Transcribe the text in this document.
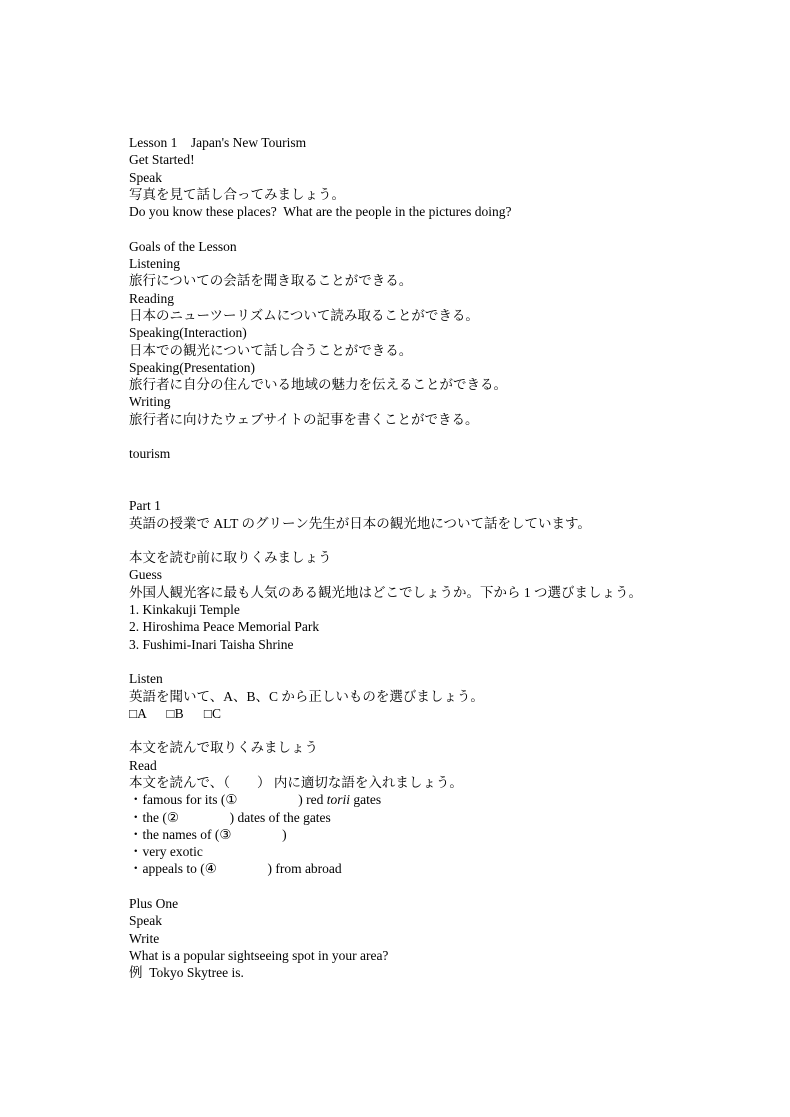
Lesson 1　Japan's New Tourism
Get Started!
Speak
写真を見て話し合ってみましょう。
Do you know these places?  What are the people in the pictures doing?
Goals of the Lesson
Listening
旅行についての会話を聞き取ることができる。
Reading
日本のニューツーリズムについて読み取ることができる。
Speaking(Interaction)
日本での観光について話し合うことができる。
Speaking(Presentation)
旅行者に自分の住んでいる地域の魅力を伝えることができる。
Writing
旅行者に向けたウェブサイトの記事を書くことができる。
tourism
Part 1
英語の授業で ALT のグリーン先生が日本の観光地について話をしています。
本文を読む前に取りくみましょう
Guess
外国人観光客に最も人気のある観光地はどこでしょうか。下から 1 つ選びましょう。
1. Kinkakuji Temple
2. Hiroshima Peace Memorial Park
3. Fushimi-Inari Taisha Shrine
Listen
英語を聞いて、A、B、C から正しいものを選びましょう。
□A      □B      □C
本文を読んで取りくみましょう
Read
本文を読んで、（        ） 内に適切な語を入れましょう。
・famous for its (①                  ) red torii gates
・the (②               ) dates of the gates
・the names of (③               )
・very exotic
・appeals to (④               ) from abroad
Plus One
Speak
Write
What is a popular sightseeing spot in your area?
例  Tokyo Skytree is.
